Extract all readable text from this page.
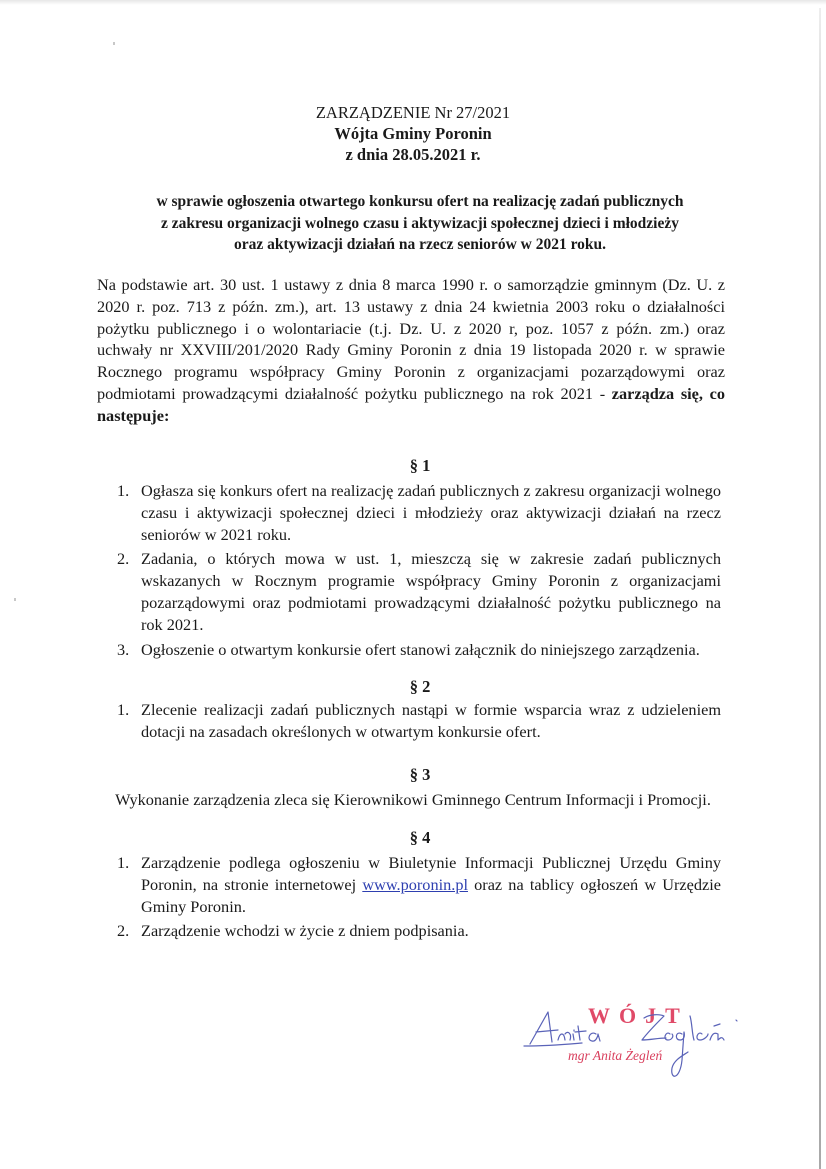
ZARZĄDZENIE Nr 27/2021
Wójta Gminy Poronin
z dnia 28.05.2021 r.
w sprawie ogłoszenia otwartego konkursu ofert na realizację zadań publicznych
z zakresu organizacji wolnego czasu i aktywizacji społecznej dzieci i młodzieży
oraz aktywizacji działań na rzecz seniorów w 2021 roku.
Na podstawie art. 30 ust. 1 ustawy z dnia 8 marca 1990 r. o samorządzie gminnym (Dz. U. z 2020 r. poz. 713 z późn. zm.), art. 13 ustawy z dnia 24 kwietnia 2003 roku o działalności pożytku publicznego i o wolontariacie (t.j. Dz. U. z 2020 r, poz. 1057 z późn. zm.) oraz uchwały nr XXVIII/201/2020 Rady Gminy Poronin z dnia 19 listopada 2020 r. w sprawie Rocznego programu współpracy Gminy Poronin z organizacjami pozarządowymi oraz podmiotami prowadzącymi działalność pożytku publicznego na rok 2021 - zarządza się, co następuje:
§ 1
1. Ogłasza się konkurs ofert na realizację zadań publicznych z zakresu organizacji wolnego czasu i aktywizacji społecznej dzieci i młodzieży oraz aktywizacji działań na rzecz seniorów w 2021 roku.
2. Zadania, o których mowa w ust. 1, mieszczą się w zakresie zadań publicznych wskazanych w Rocznym programie współpracy Gminy Poronin z organizacjami pozarządowymi oraz podmiotami prowadzącymi działalność pożytku publicznego na rok 2021.
3. Ogłoszenie o otwartym konkursie ofert stanowi załącznik do niniejszego zarządzenia.
§ 2
1. Zlecenie realizacji zadań publicznych nastąpi w formie wsparcia wraz z udzieleniem dotacji na zasadach określonych w otwartym konkursie ofert.
§ 3
Wykonanie zarządzenia zleca się Kierownikowi Gminnego Centrum Informacji i Promocji.
§ 4
1. Zarządzenie podlega ogłoszeniu w Biuletynie Informacji Publicznej Urzędu Gminy Poronin, na stronie internetowej www.poronin.pl oraz na tablicy ogłoszeń w Urzędzie Gminy Poronin.
2. Zarządzenie wchodzi w życie z dniem podpisania.
WÓJT
mgr Anita Żegleń
